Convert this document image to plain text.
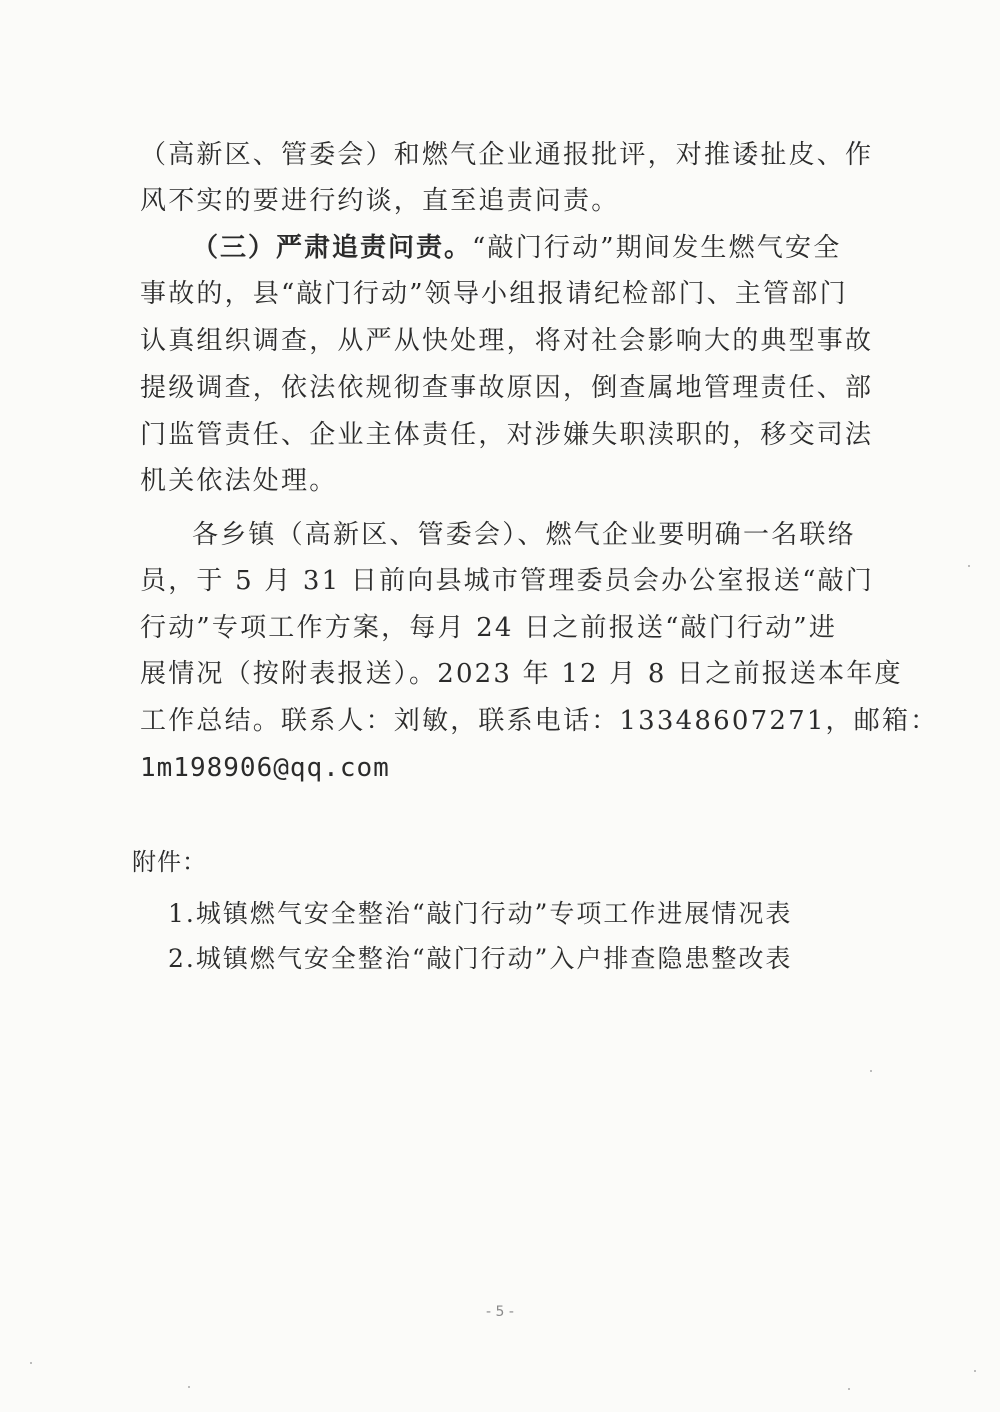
（高新区、管委会）和燃气企业通报批评，对推诿扯皮、作
风不实的要进行约谈，直至追责问责。
（三）严肃追责问责。“敲门行动”期间发生燃气安全
事故的，县“敲门行动”领导小组报请纪检部门、主管部门
认真组织调查，从严从快处理，将对社会影响大的典型事故
提级调查，依法依规彻查事故原因，倒查属地管理责任、部
门监管责任、企业主体责任，对涉嫌失职渎职的，移交司法
机关依法处理。
各乡镇（高新区、管委会）、燃气企业要明确一名联络
员，于 5 月 31 日前向县城市管理委员会办公室报送“敲门
行动”专项工作方案，每月 24 日之前报送“敲门行动”进
展情况（按附表报送）。2023 年 12 月 8 日之前报送本年度
工作总结。联系人：刘敏，联系电话：13348607271，邮箱：
1m198906@qq.com
附件：
1.城镇燃气安全整治“敲门行动”专项工作进展情况表
2.城镇燃气安全整治“敲门行动”入户排查隐患整改表
- 5 -
